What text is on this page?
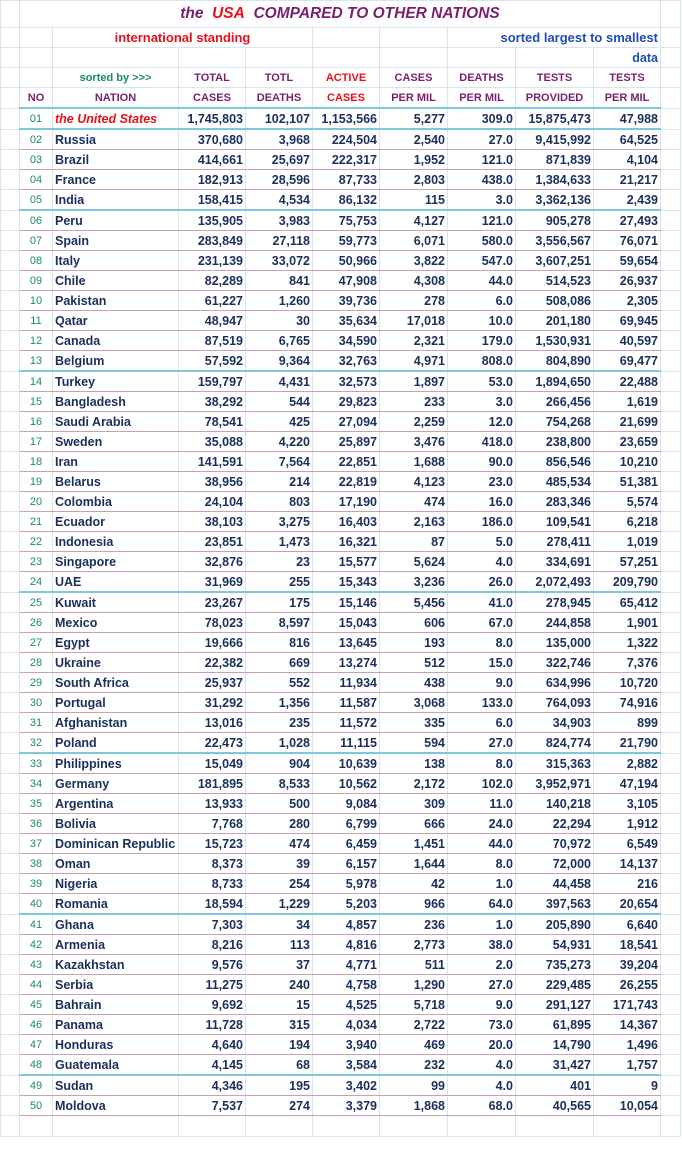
	the USA COMPARED TO OTHER NATIONS									
		international standing					sorted largest to smallest			
									data	
		sorted by >>>	TOTAL	TOTL	ACTIVE	CASES	DEATHS	TESTS	TESTS	
	NO	NATION	CASES	DEATHS	CASES	PER MIL	PER MIL	PROVIDED	PER MIL	
	01	the United States	1,745,803	102,107	1,153,566	5,277	309.0	15,875,473	47,988	
	02	Russia	370,680	3,968	224,504	2,540	27.0	9,415,992	64,525	
	03	Brazil	414,661	25,697	222,317	1,952	121.0	871,839	4,104	
	04	France	182,913	28,596	87,733	2,803	438.0	1,384,633	21,217	
	05	India	158,415	4,534	86,132	115	3.0	3,362,136	2,439	
	06	Peru	135,905	3,983	75,753	4,127	121.0	905,278	27,493	
	07	Spain	283,849	27,118	59,773	6,071	580.0	3,556,567	76,071	
	08	Italy	231,139	33,072	50,966	3,822	547.0	3,607,251	59,654	
	09	Chile	82,289	841	47,908	4,308	44.0	514,523	26,937	
	10	Pakistan	61,227	1,260	39,736	278	6.0	508,086	2,305	
	11	Qatar	48,947	30	35,634	17,018	10.0	201,180	69,945	
	12	Canada	87,519	6,765	34,590	2,321	179.0	1,530,931	40,597	
	13	Belgium	57,592	9,364	32,763	4,971	808.0	804,890	69,477	
	14	Turkey	159,797	4,431	32,573	1,897	53.0	1,894,650	22,488	
	15	Bangladesh	38,292	544	29,823	233	3.0	266,456	1,619	
	16	Saudi Arabia	78,541	425	27,094	2,259	12.0	754,268	21,699	
	17	Sweden	35,088	4,220	25,897	3,476	418.0	238,800	23,659	
	18	Iran	141,591	7,564	22,851	1,688	90.0	856,546	10,210	
	19	Belarus	38,956	214	22,819	4,123	23.0	485,534	51,381	
	20	Colombia	24,104	803	17,190	474	16.0	283,346	5,574	
	21	Ecuador	38,103	3,275	16,403	2,163	186.0	109,541	6,218	
	22	Indonesia	23,851	1,473	16,321	87	5.0	278,411	1,019	
	23	Singapore	32,876	23	15,577	5,624	4.0	334,691	57,251	
	24	UAE	31,969	255	15,343	3,236	26.0	2,072,493	209,790	
	25	Kuwait	23,267	175	15,146	5,456	41.0	278,945	65,412	
	26	Mexico	78,023	8,597	15,043	606	67.0	244,858	1,901	
	27	Egypt	19,666	816	13,645	193	8.0	135,000	1,322	
	28	Ukraine	22,382	669	13,274	512	15.0	322,746	7,376	
	29	South Africa	25,937	552	11,934	438	9.0	634,996	10,720	
	30	Portugal	31,292	1,356	11,587	3,068	133.0	764,093	74,916	
	31	Afghanistan	13,016	235	11,572	335	6.0	34,903	899	
	32	Poland	22,473	1,028	11,115	594	27.0	824,774	21,790	
	33	Philippines	15,049	904	10,639	138	8.0	315,363	2,882	
	34	Germany	181,895	8,533	10,562	2,172	102.0	3,952,971	47,194	
	35	Argentina	13,933	500	9,084	309	11.0	140,218	3,105	
	36	Bolivia	7,768	280	6,799	666	24.0	22,294	1,912	
	37	Dominican Republic	15,723	474	6,459	1,451	44.0	70,972	6,549	
	38	Oman	8,373	39	6,157	1,644	8.0	72,000	14,137	
	39	Nigeria	8,733	254	5,978	42	1.0	44,458	216	
	40	Romania	18,594	1,229	5,203	966	64.0	397,563	20,654	
	41	Ghana	7,303	34	4,857	236	1.0	205,890	6,640	
	42	Armenia	8,216	113	4,816	2,773	38.0	54,931	18,541	
	43	Kazakhstan	9,576	37	4,771	511	2.0	735,273	39,204	
	44	Serbia	11,275	240	4,758	1,290	27.0	229,485	26,255	
	45	Bahrain	9,692	15	4,525	5,718	9.0	291,127	171,743	
	46	Panama	11,728	315	4,034	2,722	73.0	61,895	14,367	
	47	Honduras	4,640	194	3,940	469	20.0	14,790	1,496	
	48	Guatemala	4,145	68	3,584	232	4.0	31,427	1,757	
	49	Sudan	4,346	195	3,402	99	4.0	401	9	
	50	Moldova	7,537	274	3,379	1,868	68.0	40,565	10,054	
